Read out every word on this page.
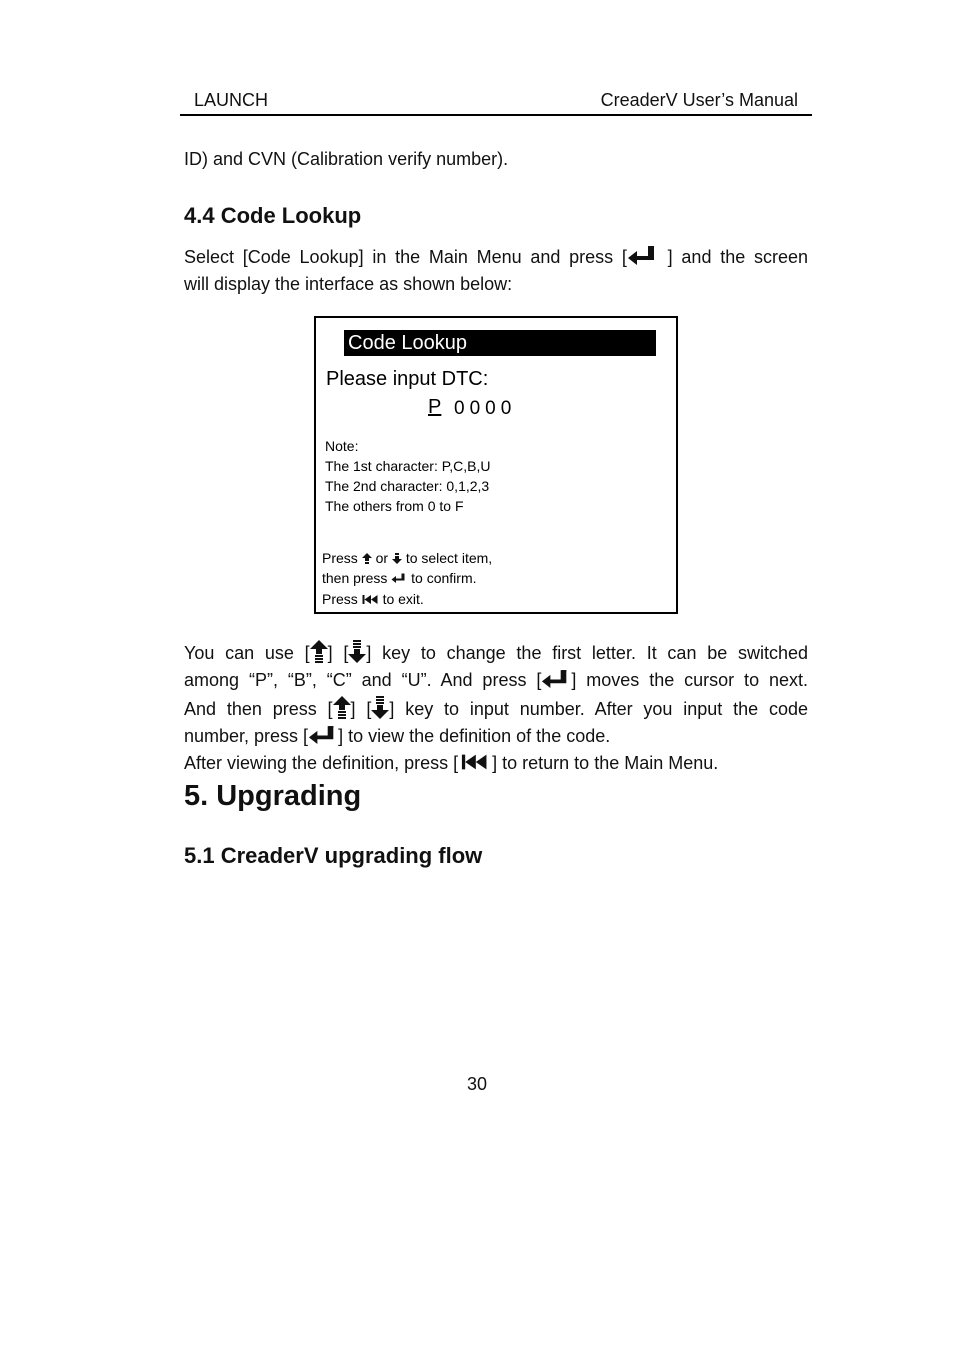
LAUNCH	CreaderV User’s Manual
ID) and CVN (Calibration verify number).
4.4 Code Lookup
Select [Code Lookup] in the Main Menu and press [ ] and the screen
will display the interface as shown below:
Code Lookup
Please input DTC:
P 0000
Note:
The 1st character: P,C,B,U
The 2nd character: 0,1,2,3
The others from 0 to F
Press or to select item,
then press to confirm.
Press to exit.
You can use [ ] [ ] key to change the first letter. It can be switched
among “P”, “B”, “C” and “U”. And press [ ] moves the cursor to next.
And then press [ ] [ ] key to input number. After you input the code
number, press [ ] to view the definition of the code.
After viewing the definition, press [ ] to return to the Main Menu.
5. Upgrading
5.1 CreaderV upgrading flow
30
